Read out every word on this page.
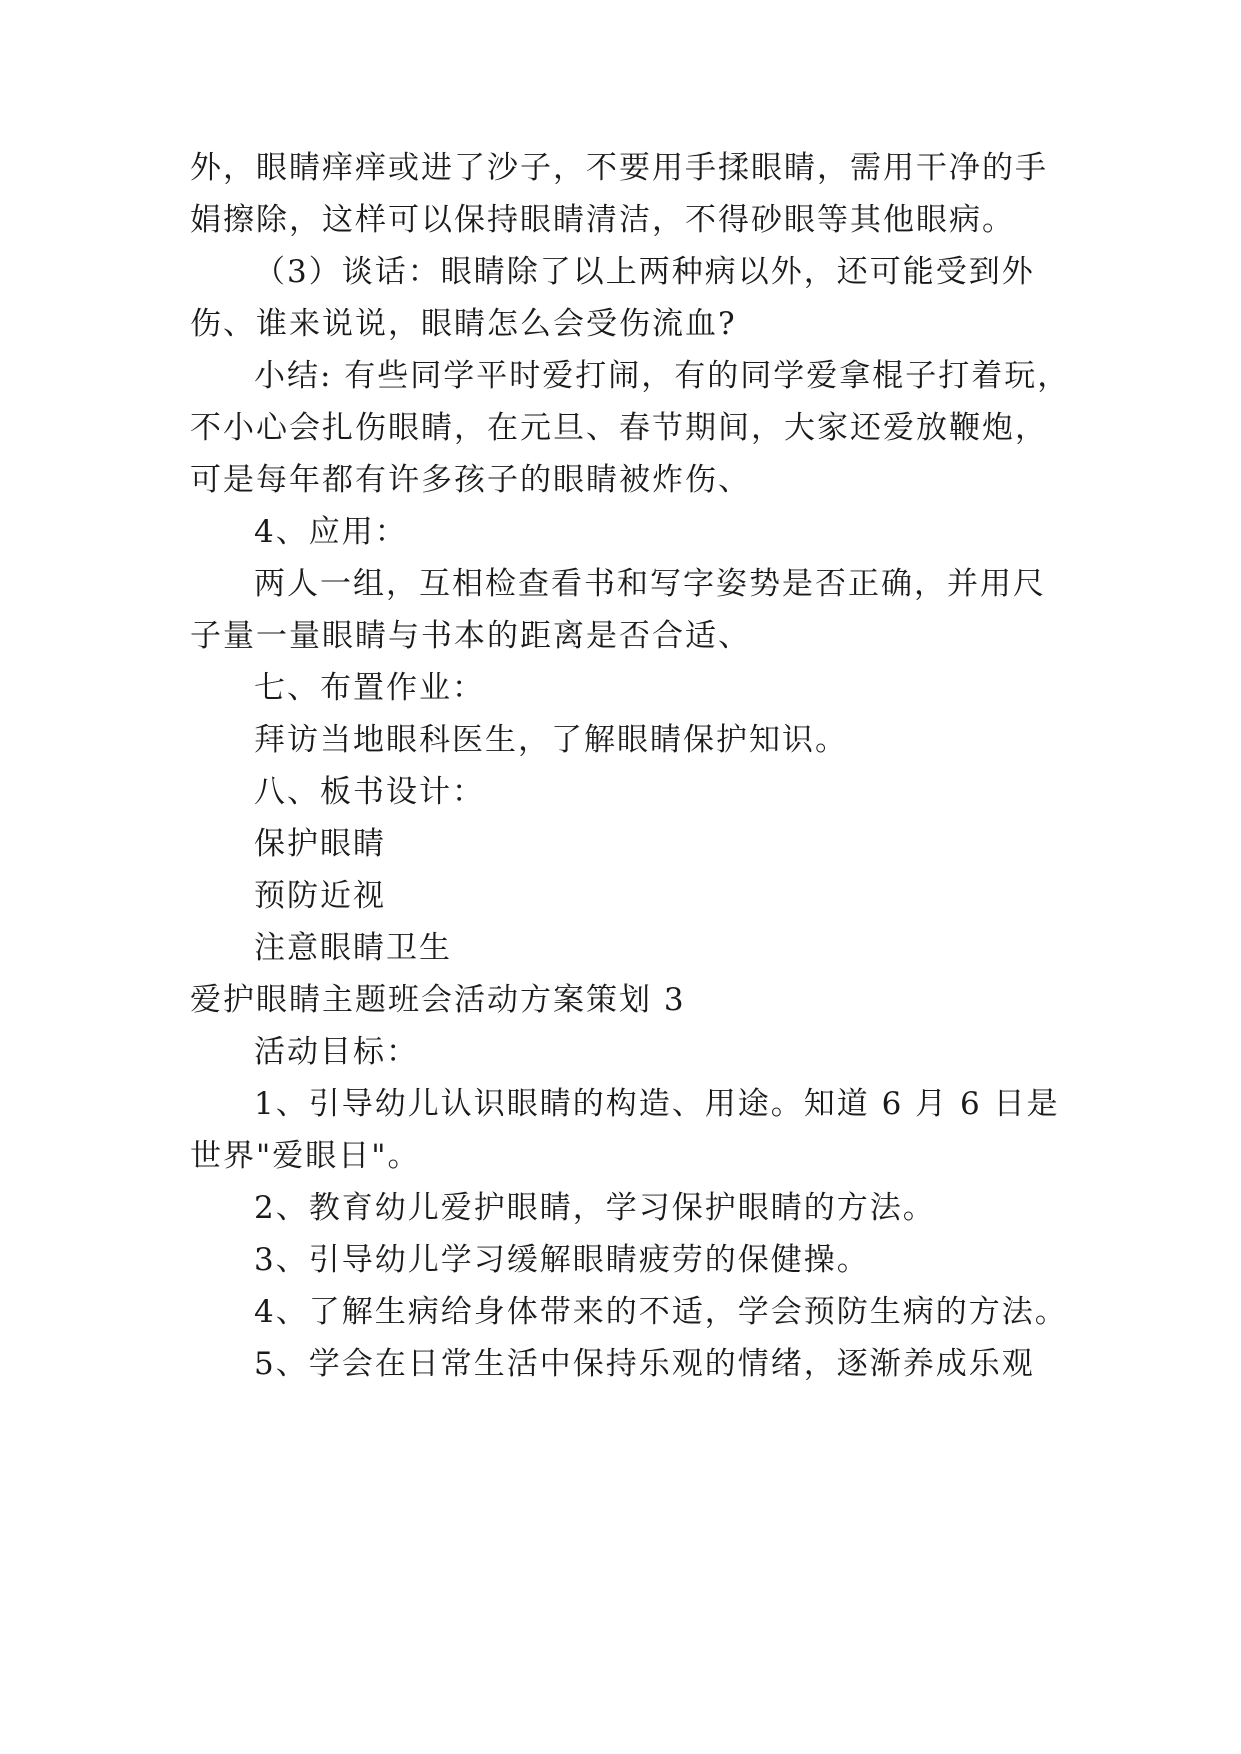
外，眼睛痒痒或进了沙子，不要用手揉眼睛，需用干净的手
娟擦除，这样可以保持眼睛清洁，不得砂眼等其他眼病。
（3）谈话：眼睛除了以上两种病以外，还可能受到外
伤、谁来说说，眼睛怎么会受伤流血?
小结: 有些同学平时爱打闹，有的同学爱拿棍子打着玩，
不小心会扎伤眼睛，在元旦、春节期间，大家还爱放鞭炮，
可是每年都有许多孩子的眼睛被炸伤、
4、应用：
两人一组，互相检查看书和写字姿势是否正确，并用尺
子量一量眼睛与书本的距离是否合适、
七、布置作业：
拜访当地眼科医生，了解眼睛保护知识。
八、板书设计：
保护眼睛
预防近视
注意眼睛卫生
爱护眼睛主题班会活动方案策划 3
活动目标：
1、引导幼儿认识眼睛的构造、用途。知道 6 月 6 日是
世界"爱眼日"。
2、教育幼儿爱护眼睛，学习保护眼睛的方法。
3、引导幼儿学习缓解眼睛疲劳的保健操。
4、了解生病给身体带来的不适，学会预防生病的方法。
5、学会在日常生活中保持乐观的情绪，逐渐养成乐观
